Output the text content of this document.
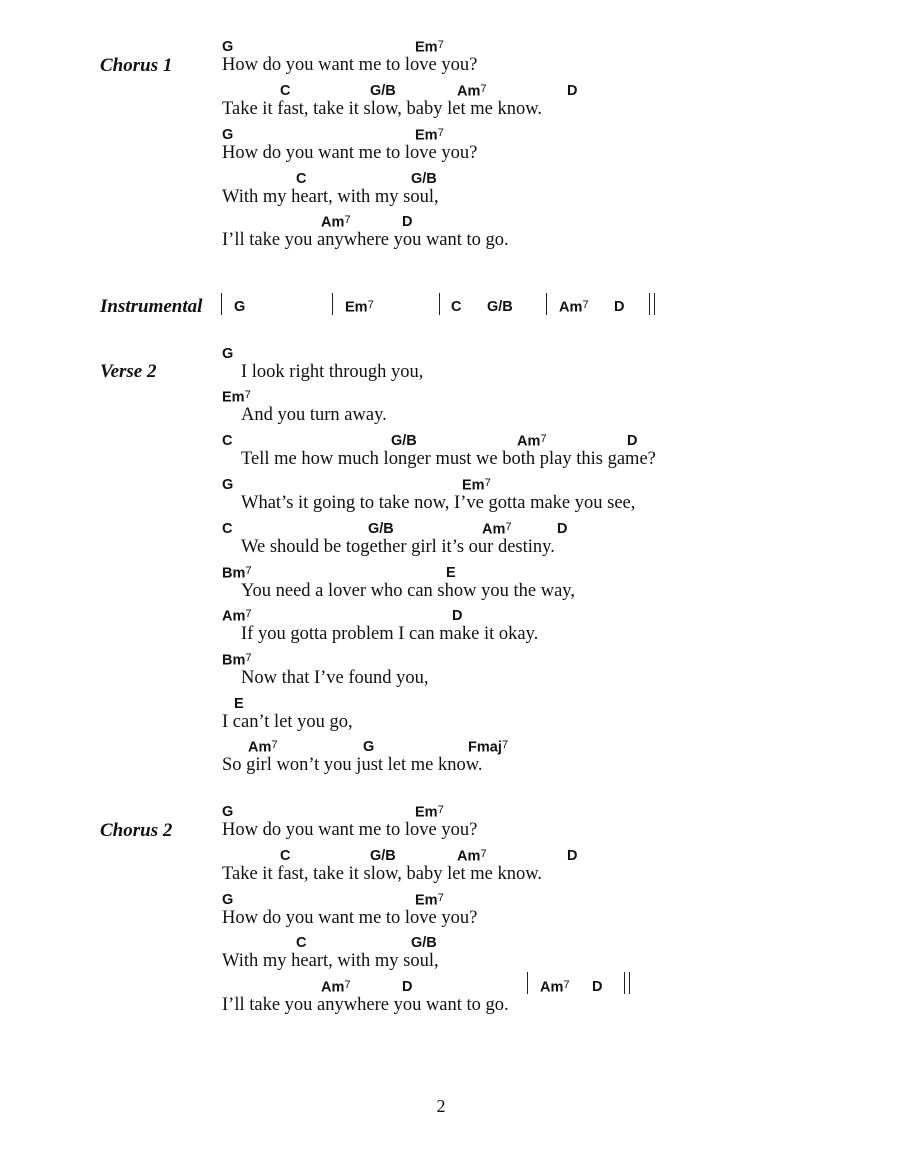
Chorus 1
G	Em$^7$
How do you want me to love you?
C	G/B	Am$^7$	D
Take it fast, take it slow, baby let me know.
G	Em$^7$
How do you want me to love you?
C	G/B
With my heart, with my soul,
Am$^7$	D
I’ll take you anywhere you want to go.
Instrumental G	Em$^7$	C G/B	Am$^7$ D
Verse 2
G
I look right through you,
Em$^7$
And you turn away.
C	G/B	Am$^7$	D
Tell me how much longer must we both play this game?
G	Em$^7$
What’s it going to take now, I’ve gotta make you see,
C	G/B	Am$^7$	D
We should be together girl it’s our destiny.
Bm$^7$	E
You need a lover who can show you the way,
Am$^7$	D
If you gotta problem I can make it okay.
Bm$^7$
Now that I’ve found you,
E
I can’t let you go,
Am$^7$	G	Fmaj$^7$
So girl won’t you just let me know.
Chorus 2
G	Em$^7$
How do you want me to love you?
C	G/B	Am$^7$	D
Take it fast, take it slow, baby let me know.
G	Em$^7$
How do you want me to love you?
C	G/B
With my heart, with my soul,
Am$^7$	D
I’ll take you anywhere you want to go.
Am$^7$ D
2
